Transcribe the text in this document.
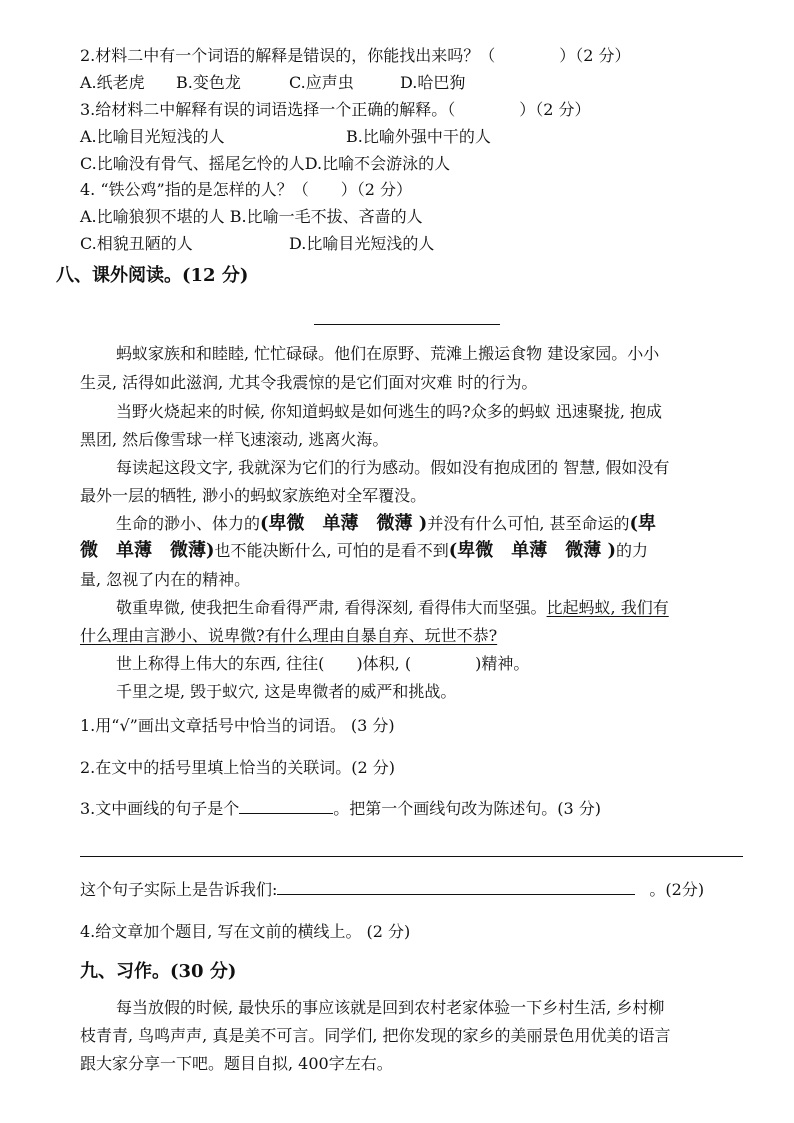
2.材料二中有一个词语的解释是错误的，你能找出来吗？（　　　　）（2 分）
A.纸老虎 B.变色龙	C.应声虫	D.哈巴狗
3.给材料二中解释有误的词语选择一个正确的解释。（　　　　）（2 分）
A.比喻目光短浅的人	B.比喻外强中干的人
C.比喻没有骨气、摇尾乞怜的人D.比喻不会游泳的人
4. “铁公鸡”指的是怎样的人？（　　）（2 分）
A.比喻狼狈不堪的人 B.比喻一毛不拔、吝啬的人
C.相貌丑陋的人	D.比喻目光短浅的人
八、课外阅读。(12 分)
蚂蚁家族和和睦睦, 忙忙碌碌。他们在原野、荒滩上搬运食物 建设家园。小小
生灵, 活得如此滋润, 尤其令我震惊的是它们面对灾难 时的行为。
当野火烧起来的时候, 你知道蚂蚁是如何逃生的吗?众多的蚂蚁 迅速聚拢, 抱成
黑团, 然后像雪球一样飞速滚动, 逃离火海。
每读起这段文字, 我就深为它们的行为感动。假如没有抱成团的 智慧, 假如没有
最外一层的牺牲, 渺小的蚂蚁家族绝对全军覆没。
生命的渺小、体力的(卑微　单薄　微薄 )并没有什么可怕, 甚至命运的(卑
微　单薄　微薄)也不能决断什么, 可怕的是看不到(卑微　单薄　微薄 )的力
量, 忽视了内在的精神。
敬重卑微, 使我把生命看得严肃, 看得深刻, 看得伟大而坚强。比起蚂蚁, 我们有
什么理由言渺小、说卑微?有什么理由自暴自弃、玩世不恭?
世上称得上伟大的东西, 往往(　　)体积, (　　　　)精神。
千里之堤, 毁于蚁穴, 这是卑微者的威严和挑战。
1.用“√”画出文章括号中恰当的词语。 (3 分)
2.在文中的括号里填上恰当的关联词。(2 分)
3.文中画线的句子是个	。把第一个画线句改为陈述句。(3 分)
这个句子实际上是告诉我们:	。(2分)
4.给文章加个题目, 写在文前的横线上。 (2 分)
九、习作。(30 分)
每当放假的时候, 最快乐的事应该就是回到农村老家体验一下乡村生活, 乡村柳
枝青青, 鸟鸣声声, 真是美不可言。同学们, 把你发现的家乡的美丽景色用优美的语言
跟大家分享一下吧。题目自拟, 400字左右。
